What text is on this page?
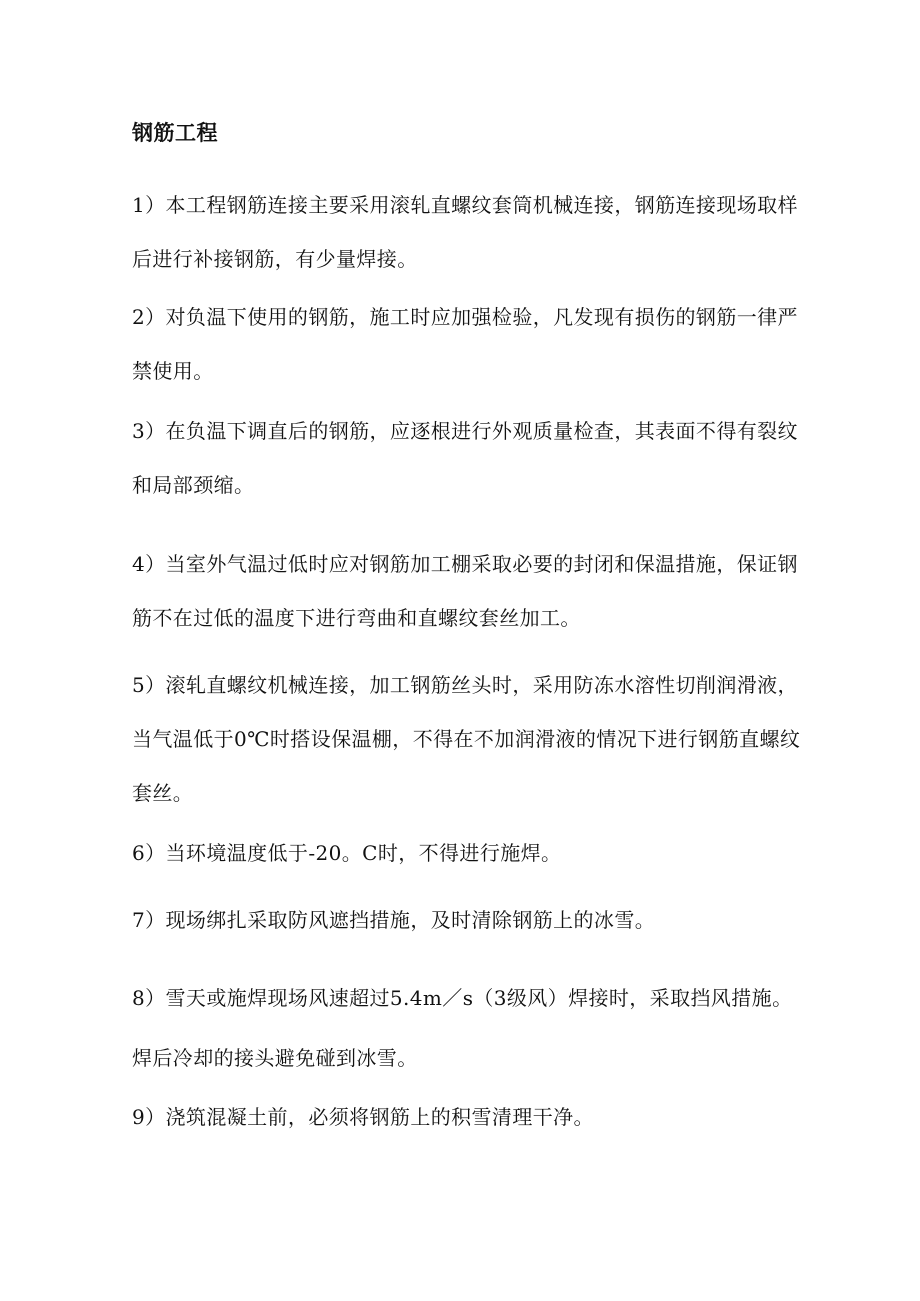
钢筋工程
1）本工程钢筋连接主要采用滚轧直螺纹套筒机械连接，钢筋连接现场取样
后进行补接钢筋，有少量焊接。
2）对负温下使用的钢筋，施工时应加强检验，凡发现有损伤的钢筋一律严
禁使用。
3）在负温下调直后的钢筋，应逐根进行外观质量检查，其表面不得有裂纹
和局部颈缩。
4）当室外气温过低时应对钢筋加工棚采取必要的封闭和保温措施，保证钢
筋不在过低的温度下进行弯曲和直螺纹套丝加工。
5）滚轧直螺纹机械连接，加工钢筋丝头时，采用防冻水溶性切削润滑液，
当气温低于0℃时搭设保温棚，不得在不加润滑液的情况下进行钢筋直螺纹
套丝。
6）当环境温度低于-20。C时，不得进行施焊。
7）现场绑扎采取防风遮挡措施，及时清除钢筋上的冰雪。
8）雪天或施焊现场风速超过5.4m／s（3级风）焊接时，采取挡风措施。
焊后冷却的接头避免碰到冰雪。
9）浇筑混凝土前，必须将钢筋上的积雪清理干净。
